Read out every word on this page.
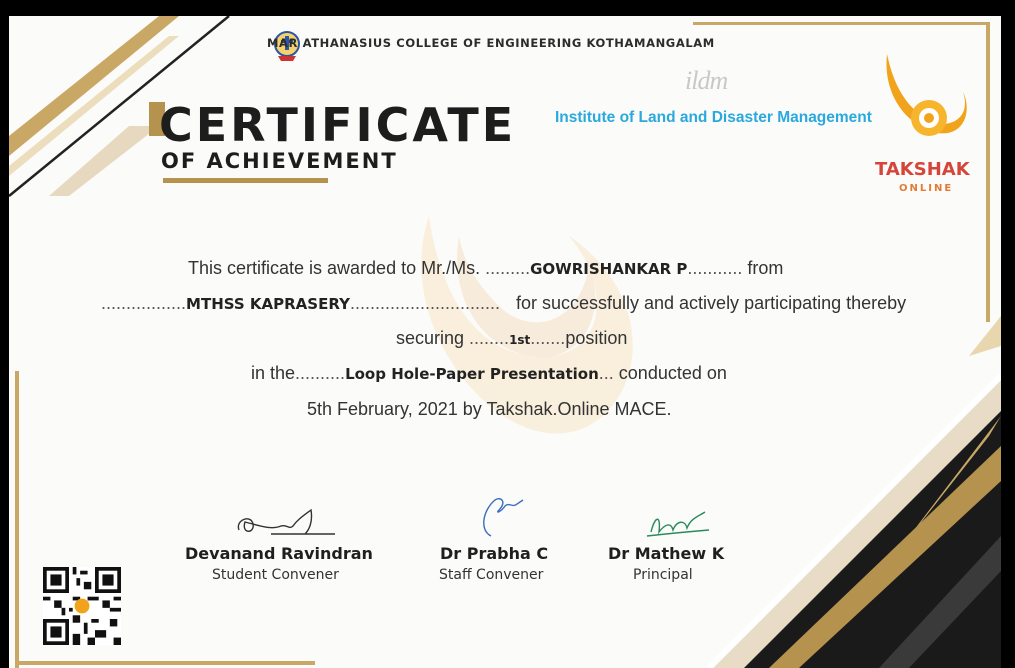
MAR ATHANASIUS COLLEGE OF ENGINEERING KOTHAMANGALAM
CERTIFICATE
OF ACHIEVEMENT
ildm
Institute of Land and Disaster Management
TAKSHAK
ONLINE
This certificate is awarded to Mr./Ms. .........GOWRISHANKAR P........... from
.................MTHSS KAPRASERY.............................. for successfully and actively participating thereby
securing ........1st.......position
in the..........Loop Hole-Paper Presentation... conducted on
5th February, 2021 by Takshak.Online MACE.
Devanand Ravindran
Student Convener
Dr Prabha C
Staff Convener
Dr Mathew K
Principal
